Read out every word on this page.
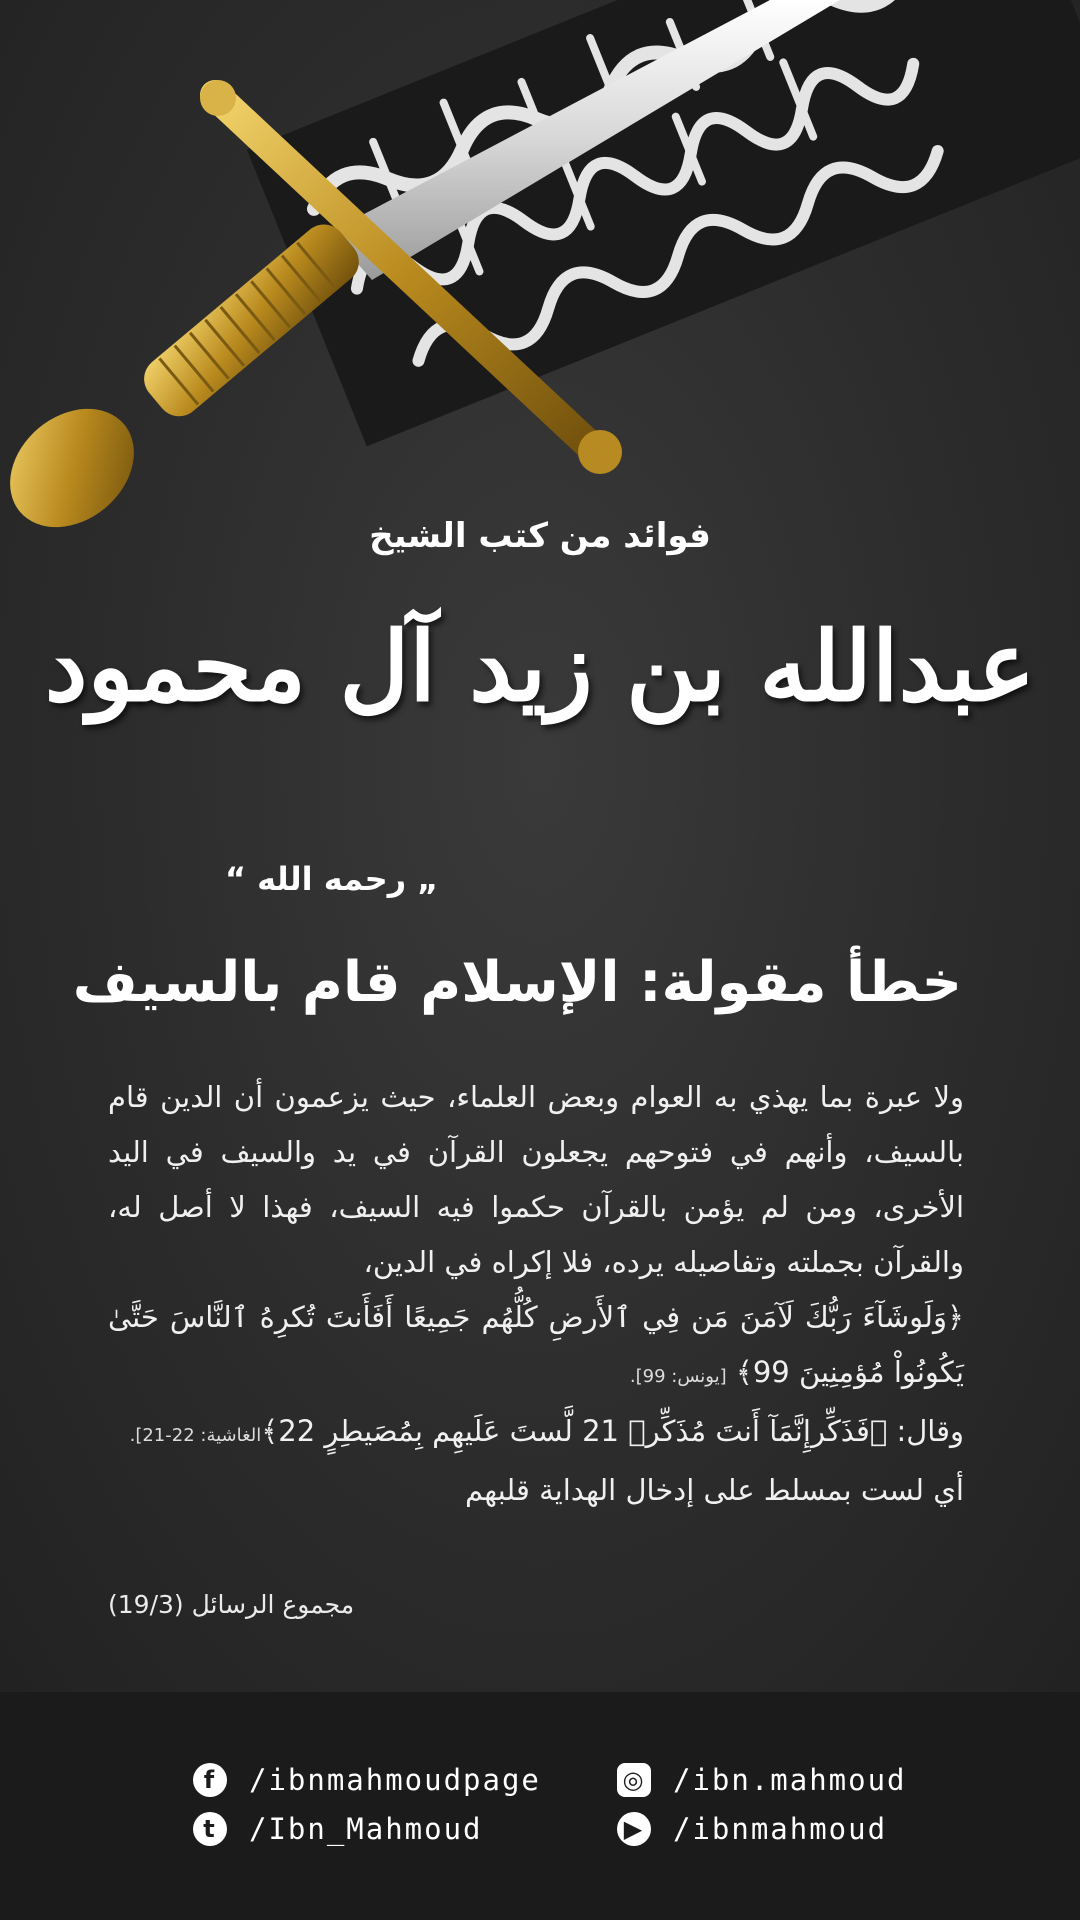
فوائد من كتب الشيخ
عبدالله بن زيد آل محمود
„ رحمه الله “
خطأ مقولة: الإسلام قام بالسيف

ولا عبرة بما يهذي به العوام وبعض العلماء، حيث يزعمون أن الدين قام بالسيف، وأنهم في فتوحهم يجعلون القرآن في يد والسيف في اليد الأخرى، ومن لم يؤمن بالقرآن حكموا فيه السيف، فهذا لا أصل له، والقرآن بجملته وتفاصيله يرده، فلا إكراه في الدين،

﴿وَلَوشَآءَ رَبُّكَ لَآمَنَ مَن فِي ٱلأَرضِ كُلُّهُم جَمِيعًا أَفَأَنتَ تُكرِهُ ٱلنَّاسَ حَتَّىٰ يَكُونُواْ مُؤمِنِينَ 99﴾ [يونس: 99].

وقال: ﴿فَذَكِّرإِنَّمَآ أَنتَ مُذَكِّرٞ 21 لَّستَ عَلَيهِم بِمُصَيطِرٍ 22﴾الغاشية: 22-21].

أي لست بمسلط على إدخال الهداية قلبهم

مجموع الرسائل (19/3)
f	/ibnmahmoudpage
t	/Ibn_Mahmoud
◎ /ibn.mahmoud
▶ /ibnmahmoud
